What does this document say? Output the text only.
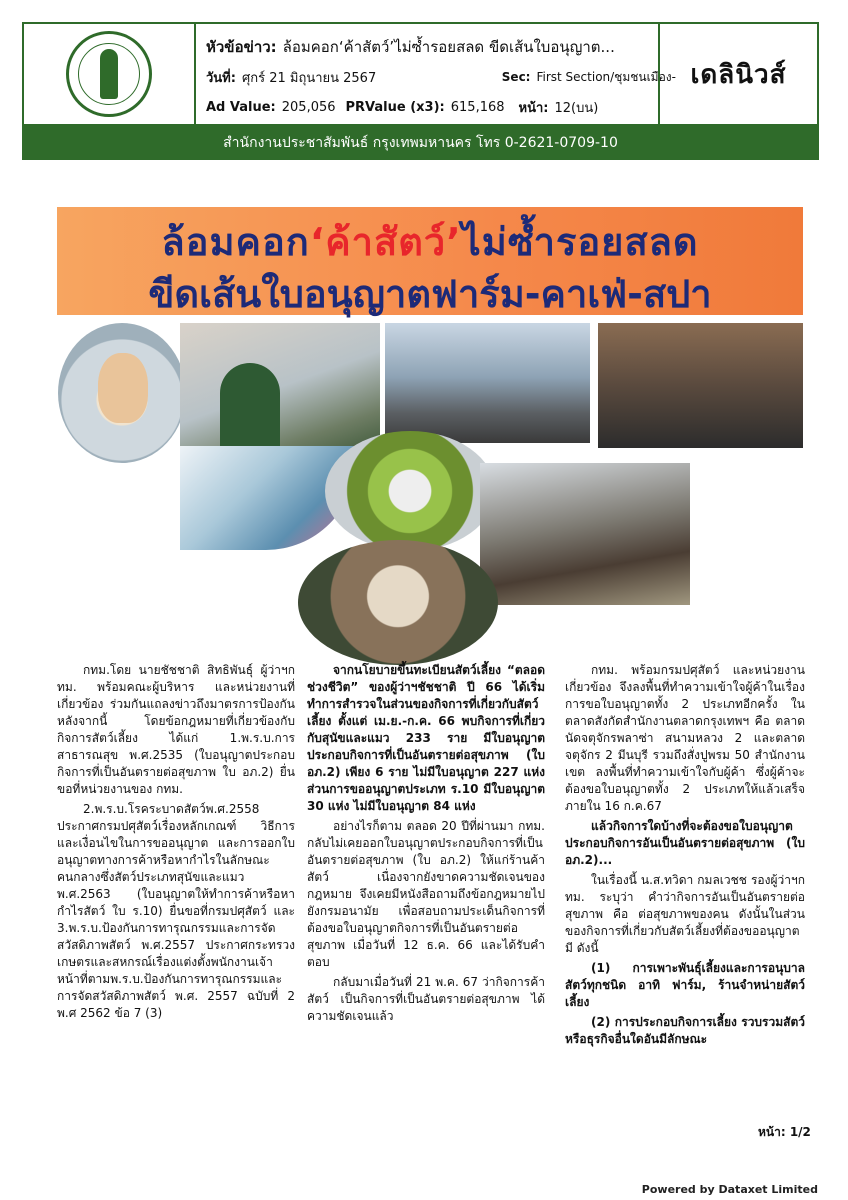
หัวข้อข่าว: ล้อมคอก‘ค้าสัตว์’ไม่ซ้ำรอยสลด ขีดเส้นใบอนุญาต...
วันที่: ศุกร์ 21 มิถุนายน 2567	Sec: First Section/ชุมชนเมือง-
Ad Value: 205,056 PRValue (x3): 615,168 หน้า: 12(บน)
เดลินิวส์
สำนักงานประชาสัมพันธ์ กรุงเทพมหานคร โทร 0-2621-0709-10
ล้อมคอก‘ค้าสัตว์’ไม่ซ้ำรอยสลด
ขีดเส้นใบอนุญาตฟาร์ม-คาเฟ่-สปา

กทม.โดย นายชัชชาติ สิทธิพันธุ์ ผู้ว่าฯกทม. พร้อมคณะผู้บริหาร และหน่วยงานที่เกี่ยวข้อง ร่วมกันแถลงข่าวถึงมาตรการป้องกันหลังจากนี้ โดยข้อกฎหมายที่เกี่ยวข้องกับกิจการสัตว์เลี้ยง ได้แก่ 1.พ.ร.บ.การสาธารณสุข พ.ศ.2535 (ใบอนุญาตประกอบกิจการที่เป็นอันตรายต่อสุขภาพ ใบ อภ.2) ยื่นขอที่หน่วยงานของ กทม.

2.พ.ร.บ.โรคระบาดสัตว์พ.ศ.2558 ประกาศกรมปศุสัตว์เรื่องหลักเกณฑ์ วิธีการ และเงื่อนไขในการขออนุญาต และการออกใบอนุญาตทางการค้าหรือหากำไรในลักษณะคนกลางซึ่งสัตว์ประเภทสุนัขและแมว พ.ศ.2563 (ใบอนุญาตให้ทำการค้าหรือหากำไรสัตว์ ใบ ร.10) ยื่นขอที่กรมปศุสัตว์ และ 3.พ.ร.บ.ป้องกันการทารุณกรรมและการจัดสวัสดิภาพสัตว์ พ.ศ.2557 ประกาศกระทรวงเกษตรและสหกรณ์เรื่องแต่งตั้งพนักงานเจ้าหน้าที่ตามพ.ร.บ.ป้องกันการทารุณกรรมและการจัดสวัสดิภาพสัตว์ พ.ศ. 2557 ฉบับที่ 2 พ.ศ 2562 ข้อ 7 (3)

จากนโยบายขึ้นทะเบียนสัตว์เลี้ยง “ตลอดช่วงชีวิต” ของผู้ว่าฯชัชชาติ ปี 66 ได้เริ่มทำการสำรวจในส่วนของกิจการที่เกี่ยวกับสัตว์เลี้ยง ตั้งแต่ เม.ย.-ก.ค. 66 พบกิจการที่เกี่ยวกับสุนัขและแมว 233 ราย มีใบอนุญาตประกอบกิจการที่เป็นอันตรายต่อสุขภาพ (ใบ อภ.2) เพียง 6 ราย ไม่มีใบอนุญาต 227 แห่ง ส่วนการขออนุญาตประเภท ร.10 มีใบอนุญาต 30 แห่ง ไม่มีใบอนุญาต 84 แห่ง

อย่างไรก็ตาม ตลอด 20 ปีที่ผ่านมา กทม. กลับไม่เคยออกใบอนุญาตประกอบกิจการที่เป็นอันตรายต่อสุขภาพ (ใบ อภ.2) ให้แก่ร้านค้าสัตว์ เนื่องจากยังขาดความชัดเจนของกฎหมาย จึงเคยมีหนังสือถามถึงข้อกฎหมายไปยังกรมอนามัย เพื่อสอบถามประเด็นกิจการที่ต้องขอใบอนุญาตกิจการที่เป็นอันตรายต่อสุขภาพ เมื่อวันที่ 12 ธ.ค. 66 และได้รับคำตอบ

กลับมาเมื่อวันที่ 21 พ.ค. 67 ว่ากิจการค้าสัตว์ เป็นกิจการที่เป็นอันตรายต่อสุขภาพ ได้ความชัดเจนแล้ว

กทม. พร้อมกรมปศุสัตว์ และหน่วยงานเกี่ยวข้อง จึงลงพื้นที่ทำความเข้าใจผู้ค้าในเรื่องการขอใบอนุญาตทั้ง 2 ประเภทอีกครั้ง ในตลาดสังกัดสำนักงานตลาดกรุงเทพฯ คือ ตลาดนัดจตุจักรพลาซ่า สนามหลวง 2 และตลาดจตุจักร 2 มีนบุรี รวมถึงสั่งปูพรม 50 สำนักงานเขต ลงพื้นที่ทำความเข้าใจกับผู้ค้า ซึ่งผู้ค้าจะต้องขอใบอนุญาตทั้ง 2 ประเภทให้แล้วเสร็จภายใน 16 ก.ค.67

แล้วกิจการใดบ้างที่จะต้องขอใบอนุญาตประกอบกิจการอันเป็นอันตรายต่อสุขภาพ (ใบ อภ.2)...

ในเรื่องนี้ น.ส.ทวิดา กมลเวชช รองผู้ว่าฯกทม. ระบุว่า คำว่ากิจการอันเป็นอันตรายต่อสุขภาพ คือ ต่อสุขภาพของคน ดังนั้นในส่วนของกิจการที่เกี่ยวกับสัตว์เลี้ยงที่ต้องขออนุญาตมี ดังนี้

(1) การเพาะพันธุ์เลี้ยงและการอนุบาลสัตว์ทุกชนิด อาทิ ฟาร์ม, ร้านจำหน่ายสัตว์เลี้ยง

(2) การประกอบกิจการเลี้ยง รวบรวมสัตว์ หรือธุรกิจอื่นใดอันมีลักษณะ

หน้า: 1/2
Powered by Dataxet Limited
